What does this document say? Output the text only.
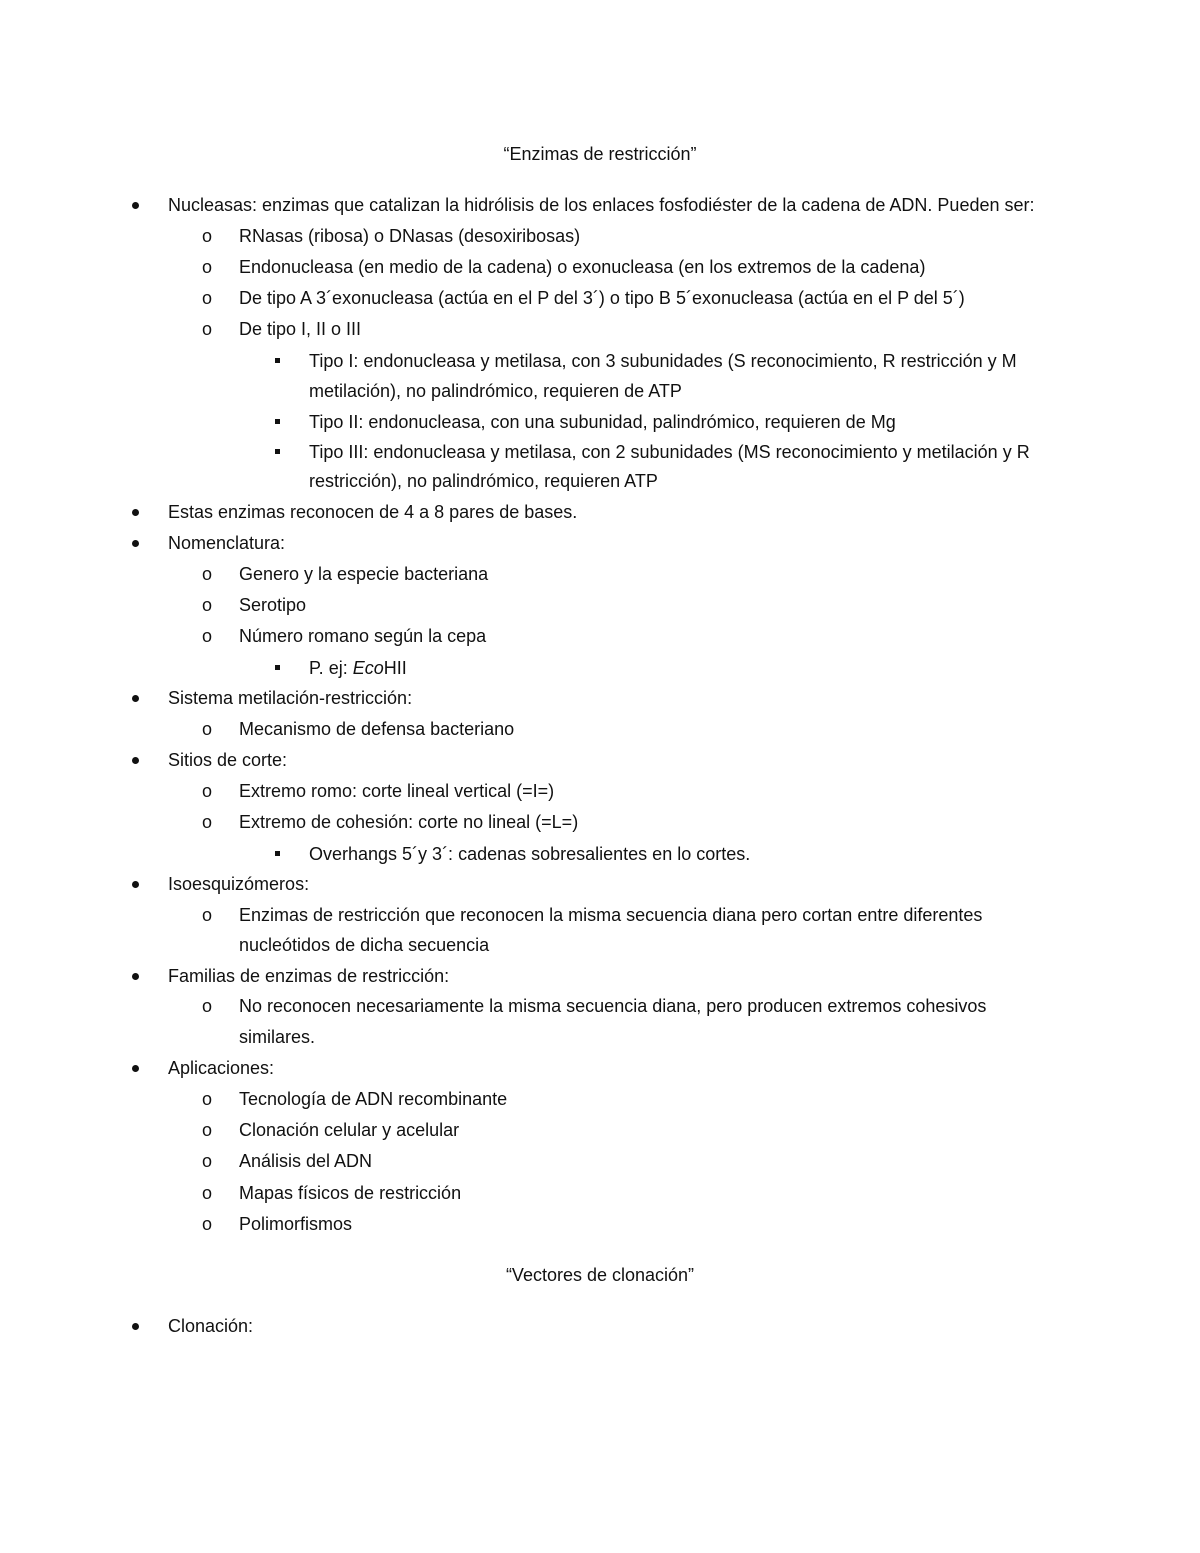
“Enzimas de restricción”
Nucleasas: enzimas que catalizan la hidrólisis de los enlaces fosfodiéster de la cadena de ADN. Pueden ser:
o RNasas (ribosa) o DNasas (desoxiribosas)
o Endonucleasa (en medio de la cadena) o exonucleasa (en los extremos de la cadena)
o De tipo A 3´exonucleasa (actúa en el P del 3´) o tipo B 5´exonucleasa (actúa en el P del 5´)
o De tipo I, II o III
Tipo I: endonucleasa y metilasa, con 3 subunidades (S reconocimiento, R restricción y M
metilación), no palindrómico, requieren de ATP
Tipo II: endonucleasa, con una subunidad, palindrómico, requieren de Mg
Tipo III: endonucleasa y metilasa, con 2 subunidades (MS reconocimiento y metilación y R
restricción), no palindrómico, requieren ATP
Estas enzimas reconocen de 4 a 8 pares de bases.
Nomenclatura:
o Genero y la especie bacteriana
o Serotipo
o Número romano según la cepa
P. ej: EcoHII
Sistema metilación-restricción:
o Mecanismo de defensa bacteriano
Sitios de corte:
o Extremo romo: corte lineal vertical (=I=)
o Extremo de cohesión: corte no lineal (=L=)
Overhangs 5´y 3´: cadenas sobresalientes en lo cortes.
Isoesquizómeros:
o Enzimas de restricción que reconocen la misma secuencia diana pero cortan entre diferentes
nucleótidos de dicha secuencia
Familias de enzimas de restricción:
o No reconocen necesariamente la misma secuencia diana, pero producen extremos cohesivos
similares.
Aplicaciones:
o Tecnología de ADN recombinante
o Clonación celular y acelular
o Análisis del ADN
o Mapas físicos de restricción
o Polimorfismos
“Vectores de clonación”
Clonación:
